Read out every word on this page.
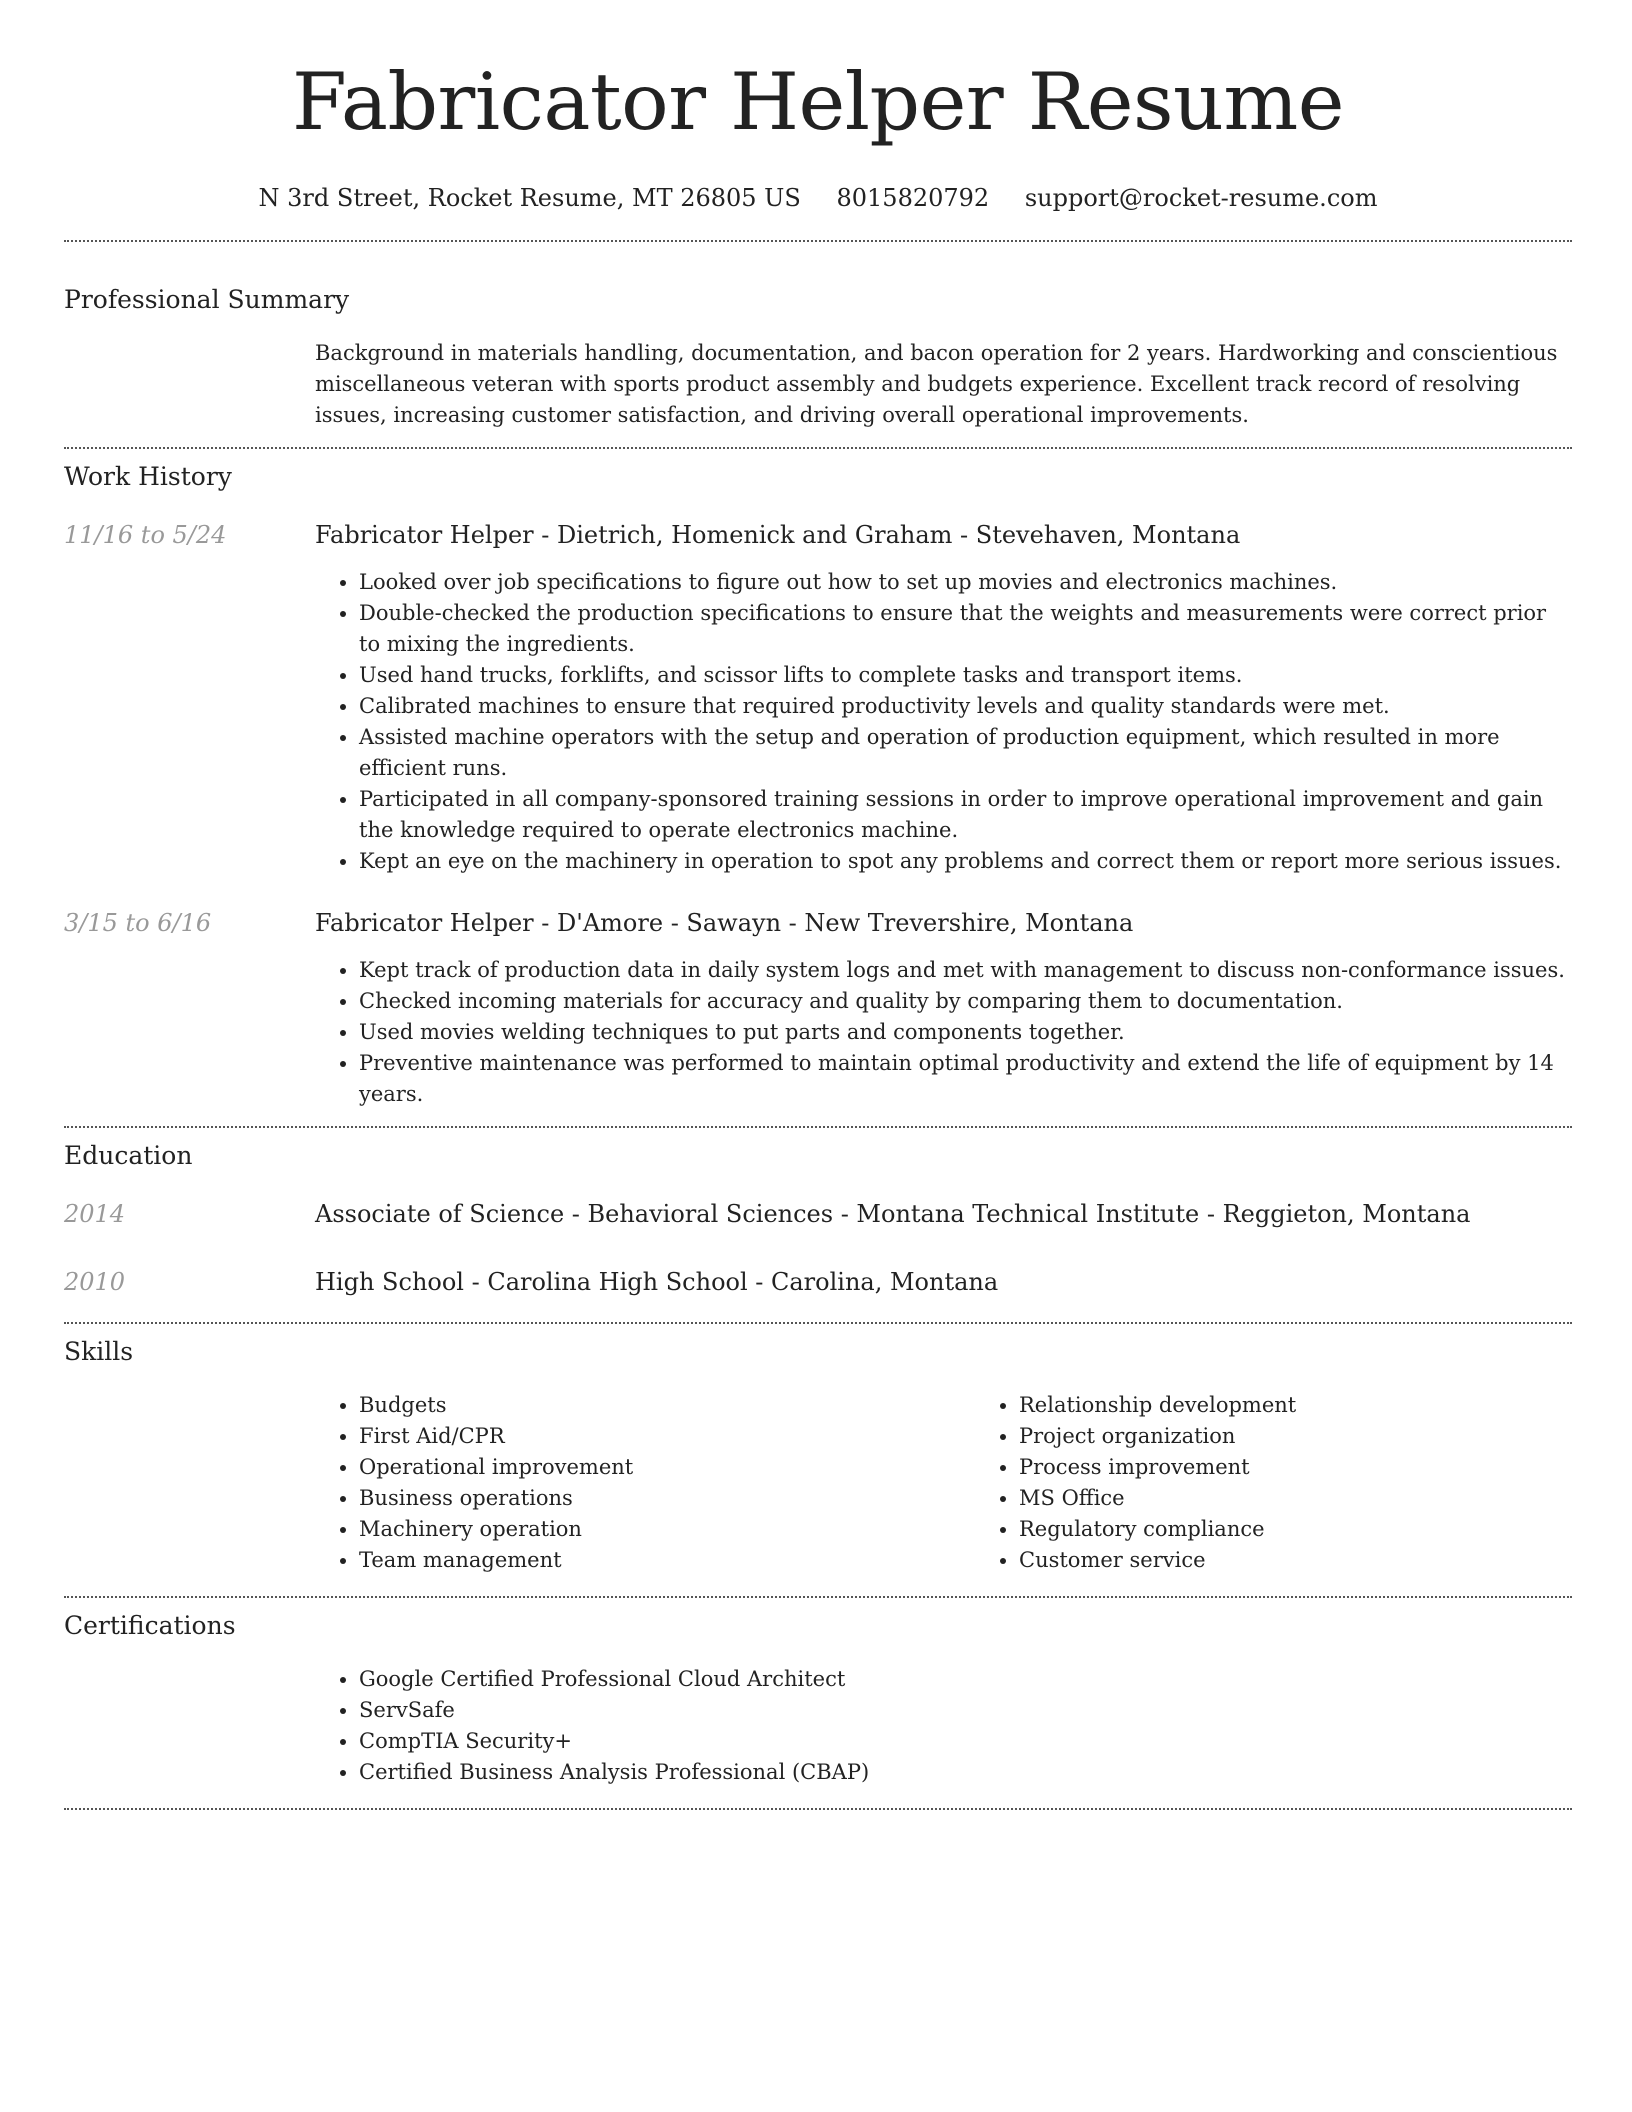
Fabricator Helper Resume
N 3rd Street, Rocket Resume, MT 26805 US 8015820792 support@rocket-resume.com
Professional Summary
Background in materials handling, documentation, and bacon operation for 2 years. Hardworking and conscientious miscellaneous veteran with sports product assembly and budgets experience. Excellent track record of resolving issues, increasing customer satisfaction, and driving overall operational improvements.
Work History
11/16 to 5/24	Fabricator Helper - Dietrich, Homenick and Graham - Stevehaven, Montana
• Looked over job specifications to figure out how to set up movies and electronics machines.
• Double-checked the production specifications to ensure that the weights and measurements were correct prior to mixing the ingredients.
• Used hand trucks, forklifts, and scissor lifts to complete tasks and transport items.
• Calibrated machines to ensure that required productivity levels and quality standards were met.
• Assisted machine operators with the setup and operation of production equipment, which resulted in more efficient runs.
• Participated in all company-sponsored training sessions in order to improve operational improvement and gain the knowledge required to operate electronics machine.
• Kept an eye on the machinery in operation to spot any problems and correct them or report more serious issues.
3/15 to 6/16	Fabricator Helper - D'Amore - Sawayn - New Trevershire, Montana
• Kept track of production data in daily system logs and met with management to discuss non-conformance issues.
• Checked incoming materials for accuracy and quality by comparing them to documentation.
• Used movies welding techniques to put parts and components together.
• Preventive maintenance was performed to maintain optimal productivity and extend the life of equipment by 14 years.
Education
2014	Associate of Science - Behavioral Sciences - Montana Technical Institute - Reggieton, Montana
2010	High School - Carolina High School - Carolina, Montana
Skills
• Budgets
• First Aid/CPR
• Operational improvement
• Business operations
• Machinery operation
• Team management
• Relationship development
• Project organization
• Process improvement
• MS Office
• Regulatory compliance
• Customer service
Certifications
• Google Certified Professional Cloud Architect
• ServSafe
• CompTIA Security+
• Certified Business Analysis Professional (CBAP)
